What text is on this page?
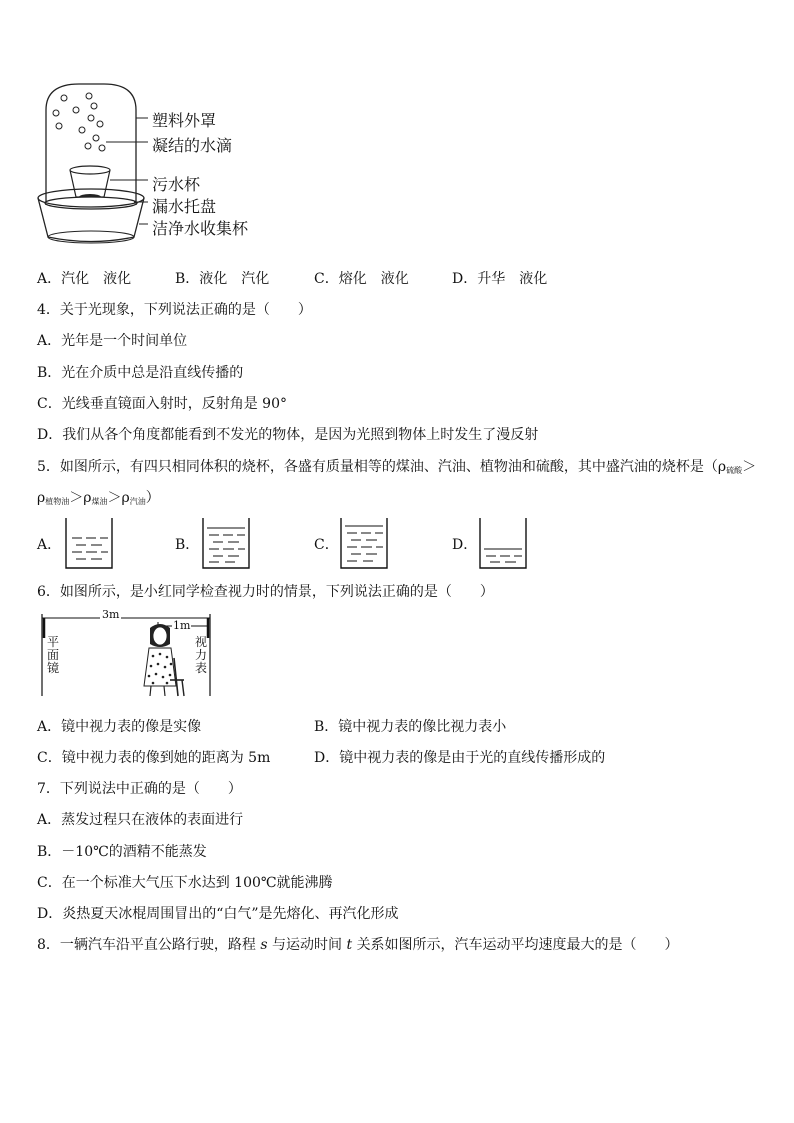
塑料外罩
凝结的水滴
污水杯
漏水托盘
洁净水收集杯
A．汽化　液化	B．液化　汽化	C．熔化　液化	D．升华　液化
4．关于光现象，下列说法正确的是（　　）
A．光年是一个时间单位
B．光在介质中总是沿直线传播的
C．光线垂直镜面入射时，反射角是 90°
D．我们从各个角度都能看到不发光的物体，是因为光照到物体上时发生了漫反射
5．如图所示，有四只相同体积的烧杯，各盛有质量相等的煤油、汽油、植物油和硫酸，其中盛汽油的烧杯是（$\rho_{硫酸}>$
$\rho_{植物油}>\rho_{煤油}>\rho_{汽油}$）
A．	B．	C．	D．
6．如图所示，是小红同学检查视力时的情景，下列说法正确的是（　　）
3m
1m
平面镜
视力表
A．镜中视力表的像是实像	B．镜中视力表的像比视力表小
C．镜中视力表的像到她的距离为 5m	D．镜中视力表的像是由于光的直线传播形成的
7．下列说法中正确的是（　　）
A．蒸发过程只在液体的表面进行
B．－10℃的酒精不能蒸发
C．在一个标准大气压下水达到 100℃就能沸腾
D．炎热夏天冰棍周围冒出的“白气”是先熔化、再汽化形成
8．一辆汽车沿平直公路行驶，路程 s 与运动时间 t 关系如图所示，汽车运动平均速度最大的是（　　）
